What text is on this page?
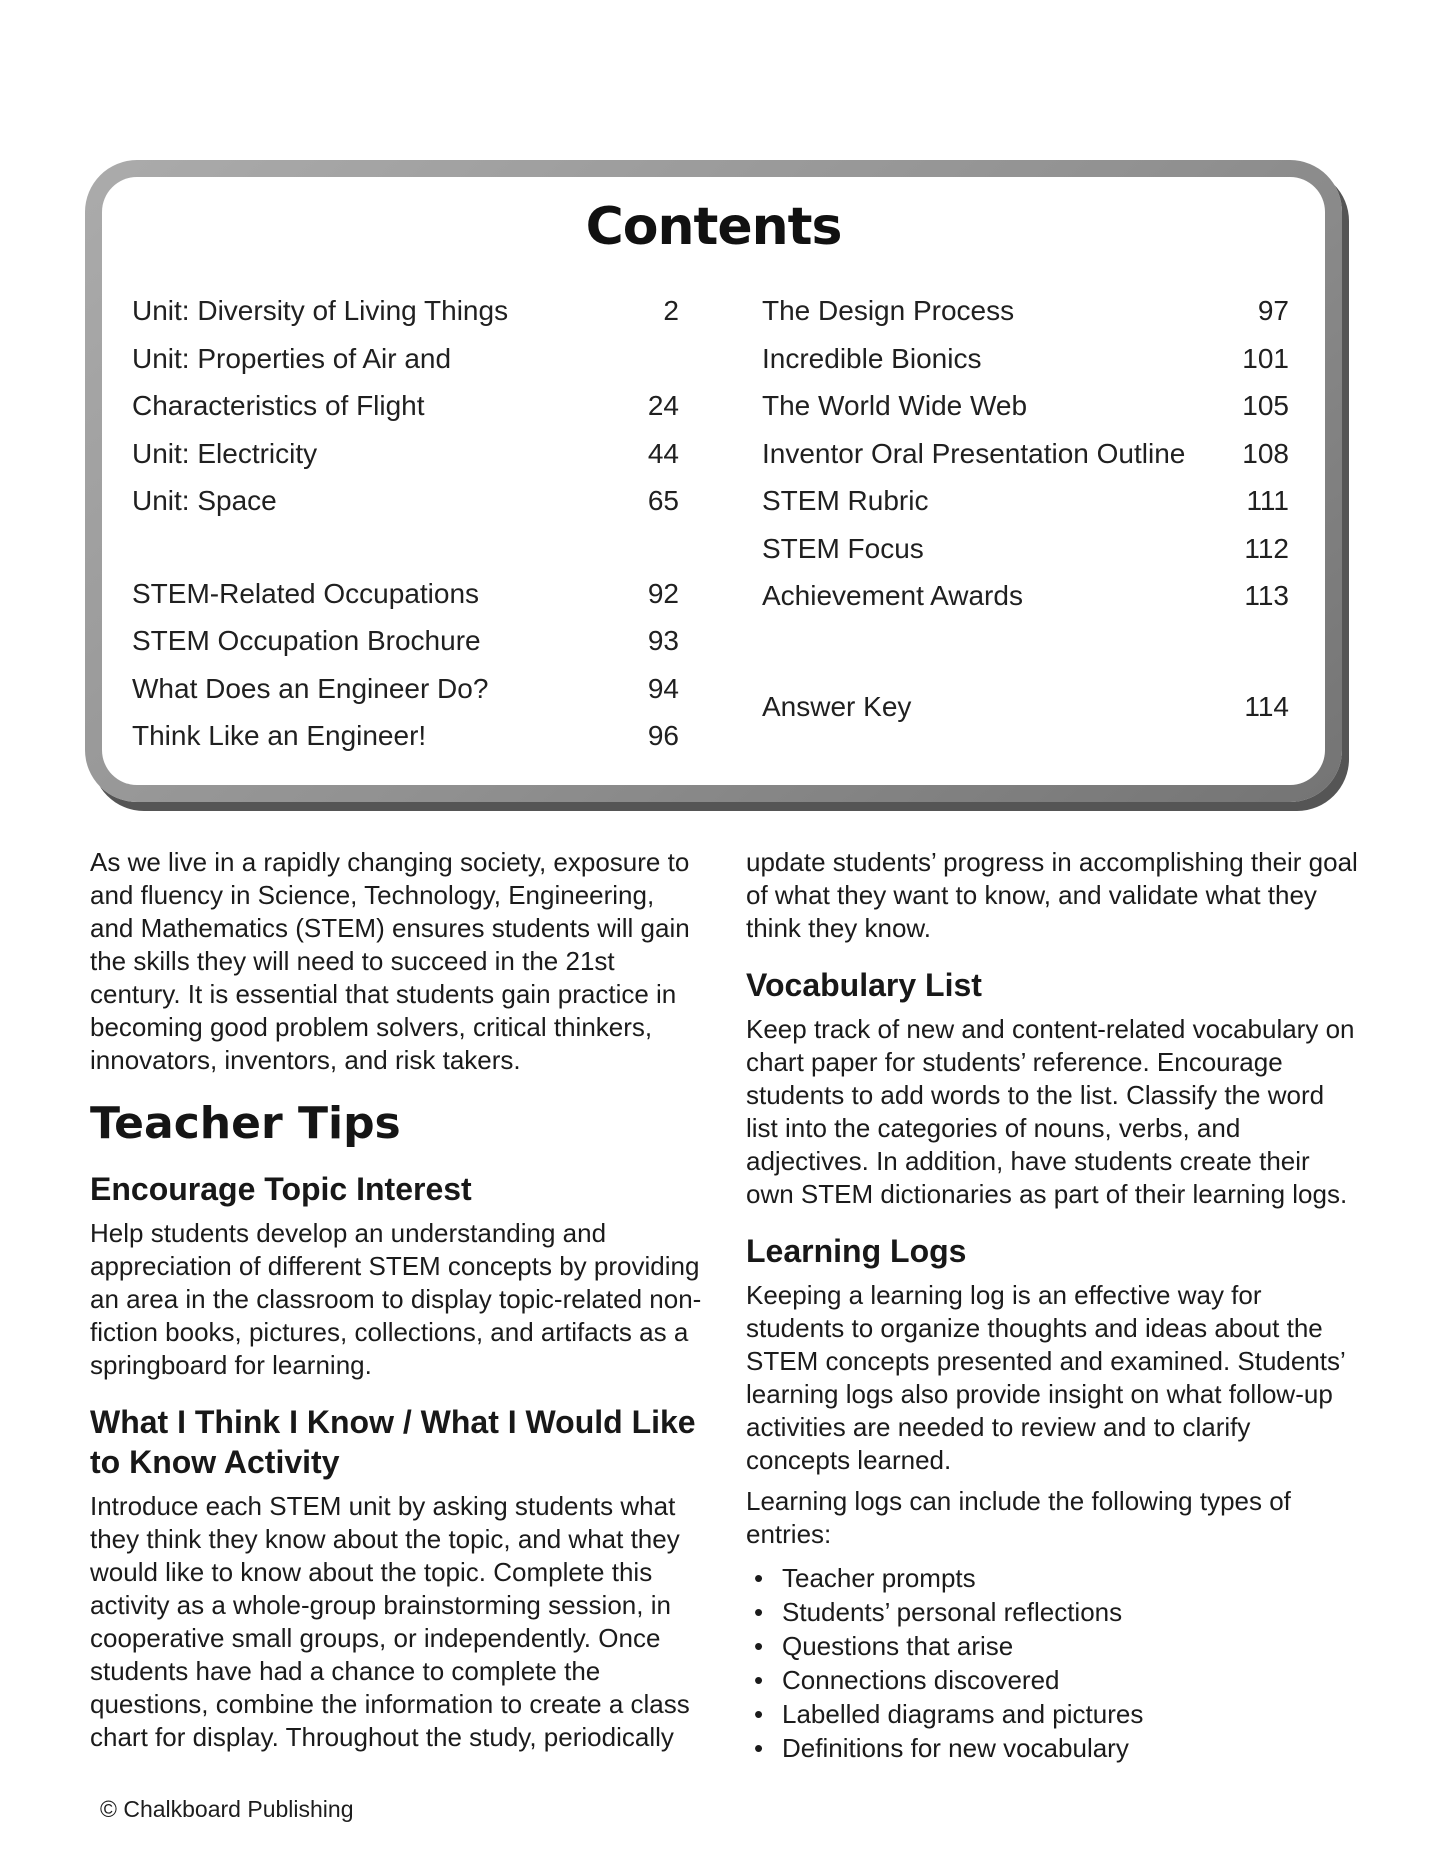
Contents
Unit: Diversity of Living Things	2
Unit: Properties of Air and
Characteristics of Flight	24
Unit: Electricity	44
Unit: Space	65

STEM-Related Occupations	92
STEM Occupation Brochure	93
What Does an Engineer Do?	94
Think Like an Engineer!	96
The Design Process	97
Incredible Bionics	101
The World Wide Web	105
Inventor Oral Presentation Outline	108
STEM Rubric	111
STEM Focus	112
Achievement Awards	113

Answer Key	114

As we live in a rapidly changing society, exposure to and fluency in Science, Technology, Engineering, and Mathematics (STEM) ensures students will gain the skills they will need to succeed in the 21st century. It is essential that students gain practice in becoming good problem solvers, critical thinkers, innovators, inventors, and risk takers.

Teacher Tips
Encourage Topic Interest

Help students develop an understanding and appreciation of different STEM concepts by providing an area in the classroom to display topic-related non-fiction books, pictures, collections, and artifacts as a springboard for learning.

What I Think I Know / What I Would Like to Know Activity

Introduce each STEM unit by asking students what they think they know about the topic, and what they would like to know about the topic. Complete this activity as a whole-group brainstorming session, in cooperative small groups, or independently. Once students have had a chance to complete the questions, combine the information to create a class chart for display. Throughout the study, periodically

update students’ progress in accomplishing their goal of what they want to know, and validate what they think they know.

Vocabulary List

Keep track of new and content-related vocabulary on chart paper for students’ reference. Encourage students to add words to the list. Classify the word list into the categories of nouns, verbs, and adjectives. In addition, have students create their own STEM dictionaries as part of their learning logs.

Learning Logs

Keeping a learning log is an effective way for students to organize thoughts and ideas about the STEM concepts presented and examined. Students’ learning logs also provide insight on what follow-up activities are needed to review and to clarify concepts learned.

Learning logs can include the following types of entries:

• Teacher prompts
• Students’ personal reflections
• Questions that arise
• Connections discovered
• Labelled diagrams and pictures
• Definitions for new vocabulary
© Chalkboard Publishing
